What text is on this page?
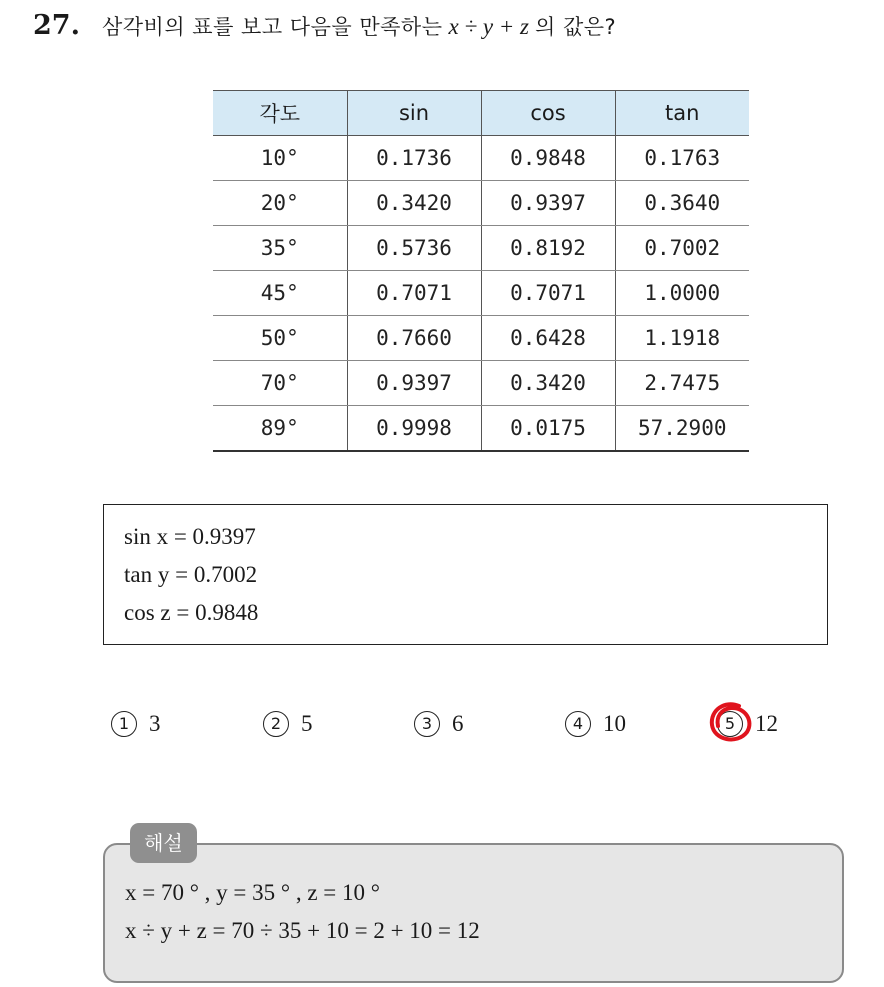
27. 삼각비의 표를 보고 다음을 만족하는 x ÷ y + z 의 값은?
각도	sin	cos	tan
10°	0.1736	0.9848	0.1763
20°	0.3420	0.9397	0.3640
35°	0.5736	0.8192	0.7002
45°	0.7071	0.7071	1.0000
50°	0.7660	0.6428	1.1918
70°	0.9397	0.3420	2.7475
89°	0.9998	0.0175	57.2900
sin x = 0.9397
tan y = 0.7002
cos z = 0.9848
1 3	2 5	3 6	4 10	5 12
x = 70 ° , y = 35 ° , z = 10 °
x ÷ y + z = 70 ÷ 35 + 10 = 2 + 10 = 12
해설
